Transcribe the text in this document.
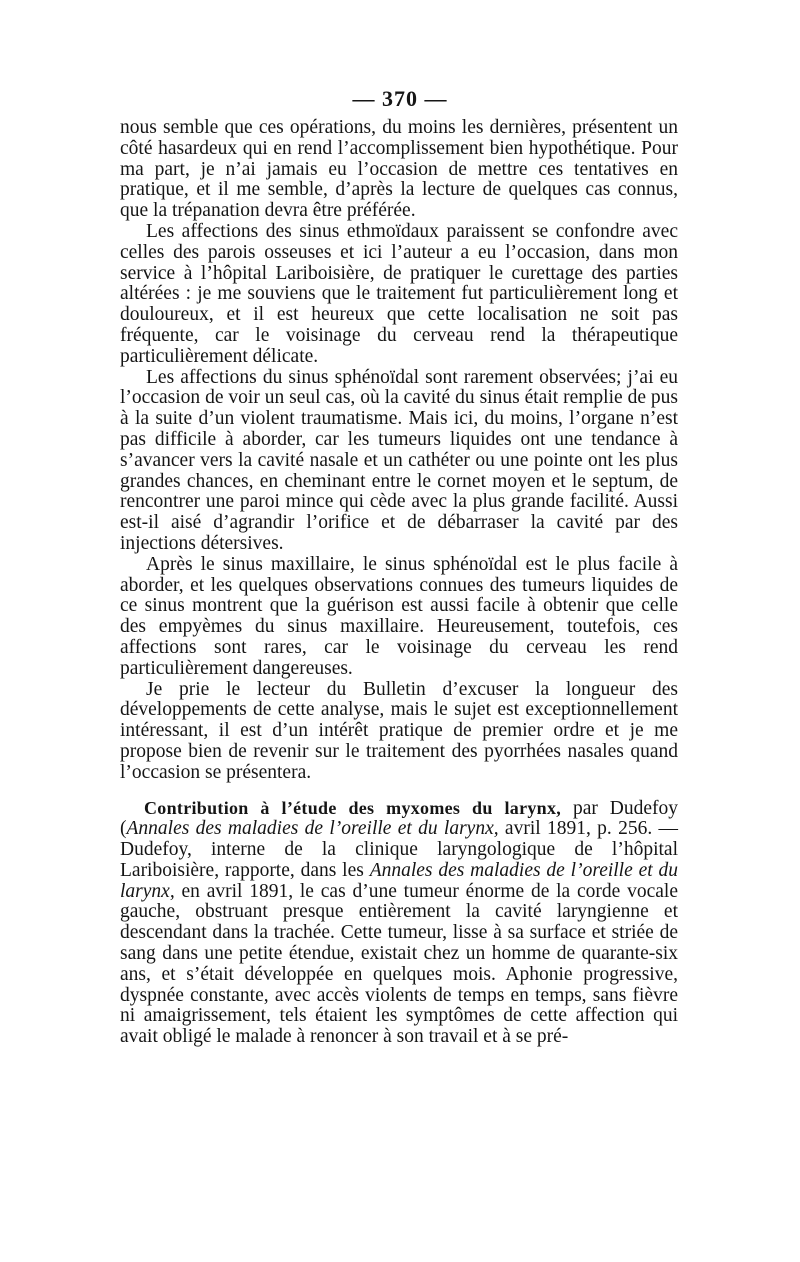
— 370 —

nous semble que ces opérations, du moins les dernières, présentent un côté hasardeux qui en rend l’accomplissement bien hypothétique. Pour ma part, je n’ai jamais eu l’occasion de mettre ces tentatives en pratique, et il me semble, d’après la lecture de quelques cas connus, que la trépanation devra être préférée.

Les affections des sinus ethmoïdaux paraissent se confondre avec celles des parois osseuses et ici l’auteur a eu l’occasion, dans mon service à l’hôpital Lariboisière, de pratiquer le curettage des parties altérées : je me souviens que le traitement fut particulièrement long et douloureux, et il est heureux que cette localisation ne soit pas fréquente, car le voisinage du cerveau rend la thérapeutique particulièrement délicate.

Les affections du sinus sphénoïdal sont rarement observées; j’ai eu l’occasion de voir un seul cas, où la cavité du sinus était remplie de pus à la suite d’un violent traumatisme. Mais ici, du moins, l’organe n’est pas difficile à aborder, car les tumeurs liquides ont une tendance à s’avancer vers la cavité nasale et un cathéter ou une pointe ont les plus grandes chances, en cheminant entre le cornet moyen et le septum, de rencontrer une paroi mince qui cède avec la plus grande facilité. Aussi est-il aisé d’agrandir l’orifice et de débarraser la cavité par des injections détersives.

Après le sinus maxillaire, le sinus sphénoïdal est le plus facile à aborder, et les quelques observations connues des tumeurs liquides de ce sinus montrent que la guérison est aussi facile à obtenir que celle des empyèmes du sinus maxillaire. Heureusement, toutefois, ces affections sont rares, car le voisinage du cerveau les rend particulièrement dangereuses.

Je prie le lecteur du Bulletin d’excuser la longueur des développements de cette analyse, mais le sujet est exceptionnellement intéressant, il est d’un intérêt pratique de premier ordre et je me propose bien de revenir sur le traitement des pyorrhées nasales quand l’occasion se présentera.

Contribution à l’étude des myxomes du larynx, par Dudefoy (Annales des maladies de l’oreille et du larynx, avril 1891, p. 256. — Dudefoy, interne de la clinique laryngologique de l’hôpital Lariboisière, rapporte, dans les Annales des maladies de l’oreille et du larynx, en avril 1891, le cas d’une tumeur énorme de la corde vocale gauche, obstruant presque entièrement la cavité laryngienne et descendant dans la trachée. Cette tumeur, lisse à sa surface et striée de sang dans une petite étendue, existait chez un homme de quarante-six ans, et s’était développée en quelques mois. Aphonie progressive, dyspnée constante, avec accès violents de temps en temps, sans fièvre ni amaigrissement, tels étaient les symptômes de cette affection qui avait obligé le malade à renoncer à son travail et à se pré-
